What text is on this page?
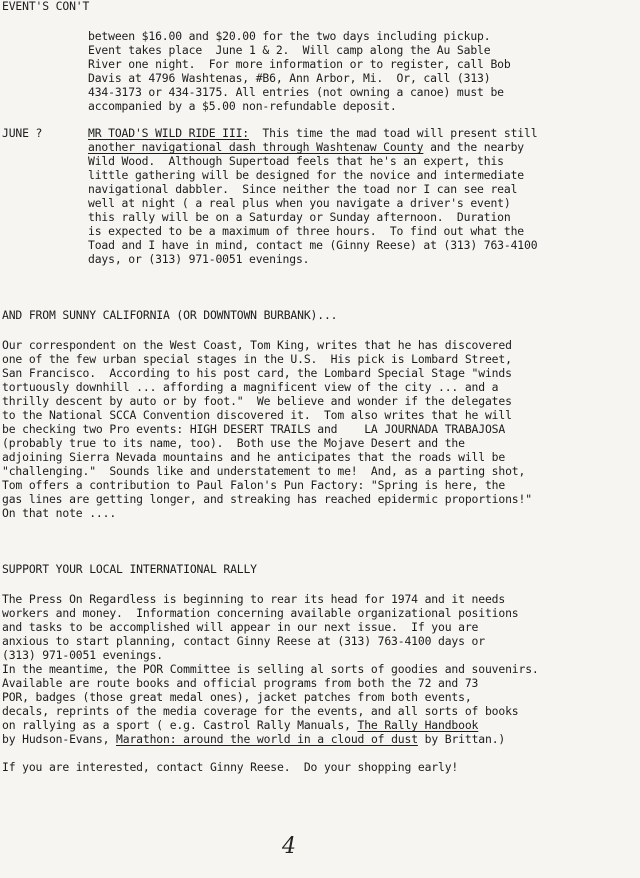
EVENT'S CON'T
between $16.00 and $20.00 for the two days including pickup.
Event takes place  June 1 & 2.  Will camp along the Au Sable
River one night.  For more information or to register, call Bob
Davis at 4796 Washtenas, #B6, Ann Arbor, Mi.  Or, call (313)
434-3173 or 434-3175. All entries (not owning a canoe) must be
accompanied by a $5.00 non-refundable deposit.
JUNE ?	MR TOAD'S WILD RIDE III:  This time the mad toad will present still
another navigational dash through Washtenaw County and the nearby
Wild Wood.  Although Supertoad feels that he's an expert, this
little gathering will be designed for the novice and intermediate
navigational dabbler.  Since neither the toad nor I can see real
well at night ( a real plus when you navigate a driver's event)
this rally will be on a Saturday or Sunday afternoon.  Duration
is expected to be a maximum of three hours.  To find out what the
Toad and I have in mind, contact me (Ginny Reese) at (313) 763-4100
days, or (313) 971-0051 evenings.
AND FROM SUNNY CALIFORNIA (OR DOWNTOWN BURBANK)...
Our correspondent on the West Coast, Tom King, writes that he has discovered
one of the few urban special stages in the U.S.  His pick is Lombard Street,
San Francisco.  According to his post card, the Lombard Special Stage "winds
tortuously downhill ... affording a magnificent view of the city ... and a
thrilly descent by auto or by foot."  We believe and wonder if the delegates
to the National SCCA Convention discovered it.  Tom also writes that he will
be checking two Pro events: HIGH DESERT TRAILS and    LA JOURNADA TRABAJOSA
(probably true to its name, too).  Both use the Mojave Desert and the
adjoining Sierra Nevada mountains and he anticipates that the roads will be
"challenging."  Sounds like and understatement to me!  And, as a parting shot,
Tom offers a contribution to Paul Falon's Pun Factory: "Spring is here, the
gas lines are getting longer, and streaking has reached epidermic proportions!"
On that note ....
SUPPORT YOUR LOCAL INTERNATIONAL RALLY
The Press On Regardless is beginning to rear its head for 1974 and it needs
workers and money.  Information concerning available organizational positions
and tasks to be accomplished will appear in our next issue.  If you are
anxious to start planning, contact Ginny Reese at (313) 763-4100 days or
(313) 971-0051 evenings.
In the meantime, the POR Committee is selling al sorts of goodies and souvenirs.
Available are route books and official programs from both the 72 and 73
POR, badges (those great medal ones), jacket patches from both events,
decals, reprints of the media coverage for the events, and all sorts of books
on rallying as a sport ( e.g. Castrol Rally Manuals, The Rally Handbook
by Hudson-Evans, Marathon: around the world in a cloud of dust by Brittan.)
If you are interested, contact Ginny Reese.  Do your shopping early!
4
